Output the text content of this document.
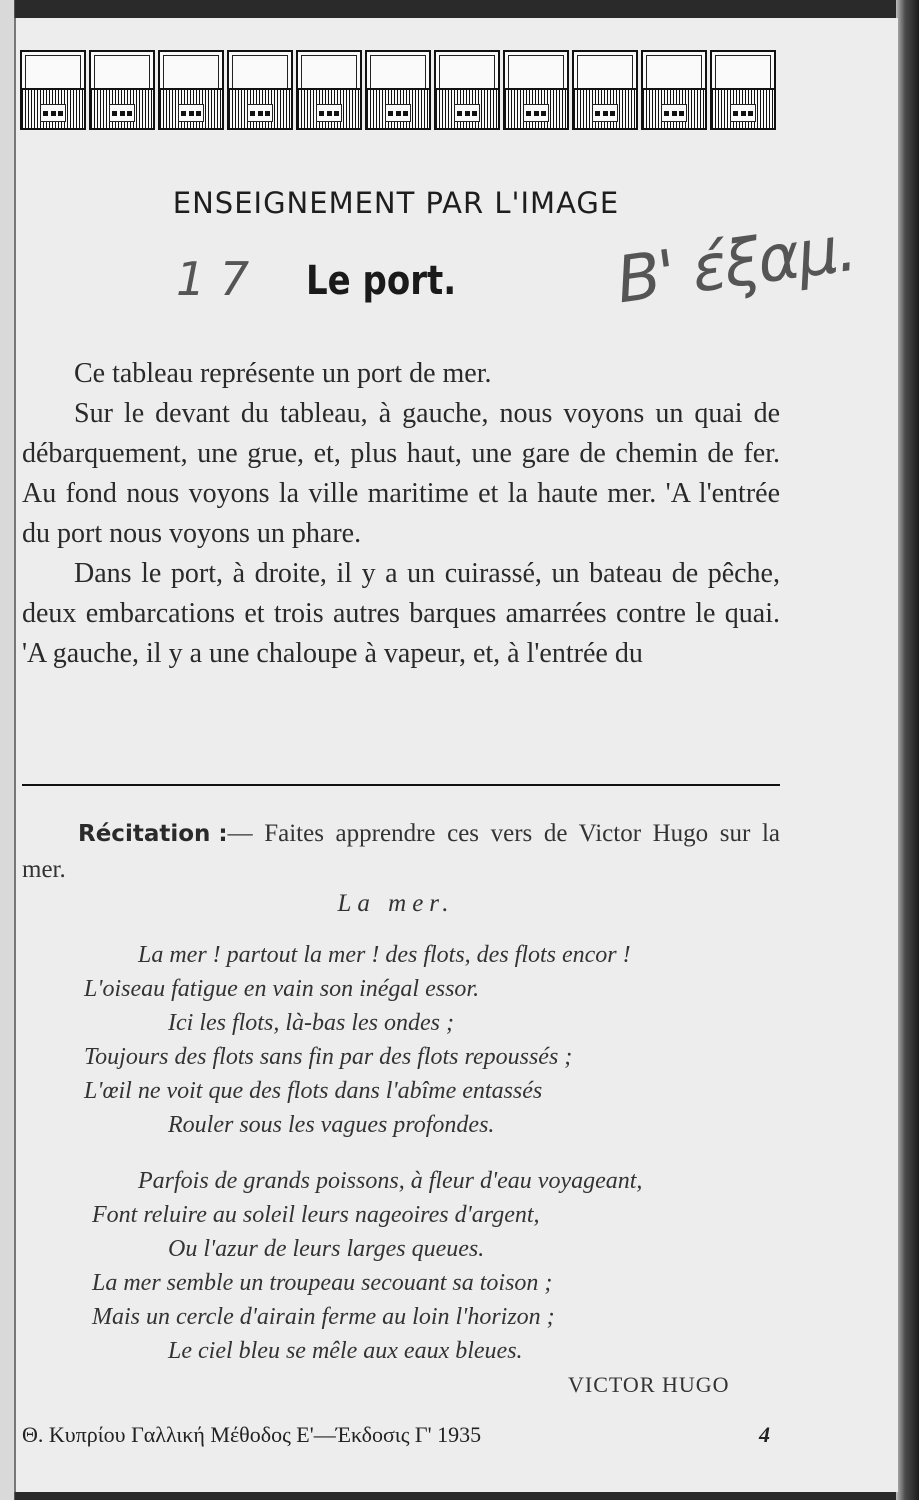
ENSEIGNEMENT PAR L'IMAGE
1 7 Le port. B' έξαμ.

Ce tableau représente un port de mer.

Sur le devant du tableau, à gauche, nous voyons un quai de débarquement, une grue, et, plus haut, une gare de chemin de fer. Au fond nous voyons la ville maritime et la haute mer. 'A l'entrée du port nous voyons un phare.

Dans le port, à droite, il y a un cuirassé, un bateau de pêche, deux embarcations et trois autres barques amarrées contre le quai. 'A gauche, il y a une chaloupe à vapeur, et, à l'entrée du

Récitation :— Faites apprendre ces vers de Victor Hugo sur la mer.
La mer.
La mer ! partout la mer ! des flots, des flots encor !
L'oiseau fatigue en vain son inégal essor.
Ici les flots, là-bas les ondes ;
Toujours des flots sans fin par des flots repoussés ;
L'œil ne voit que des flots dans l'abîme entassés
Rouler sous les vagues profondes.
Parfois de grands poissons, à fleur d'eau voyageant,
Font reluire au soleil leurs nageoires d'argent,
Ou l'azur de leurs larges queues.
La mer semble un troupeau secouant sa toison ;
Mais un cercle d'airain ferme au loin l'horizon ;
Le ciel bleu se mêle aux eaux bleues.
VICTOR HUGO
Θ. Κυπρίου Γαλλική Μέθοδος Ε'—Έκδοσις Γ' 1935	4
